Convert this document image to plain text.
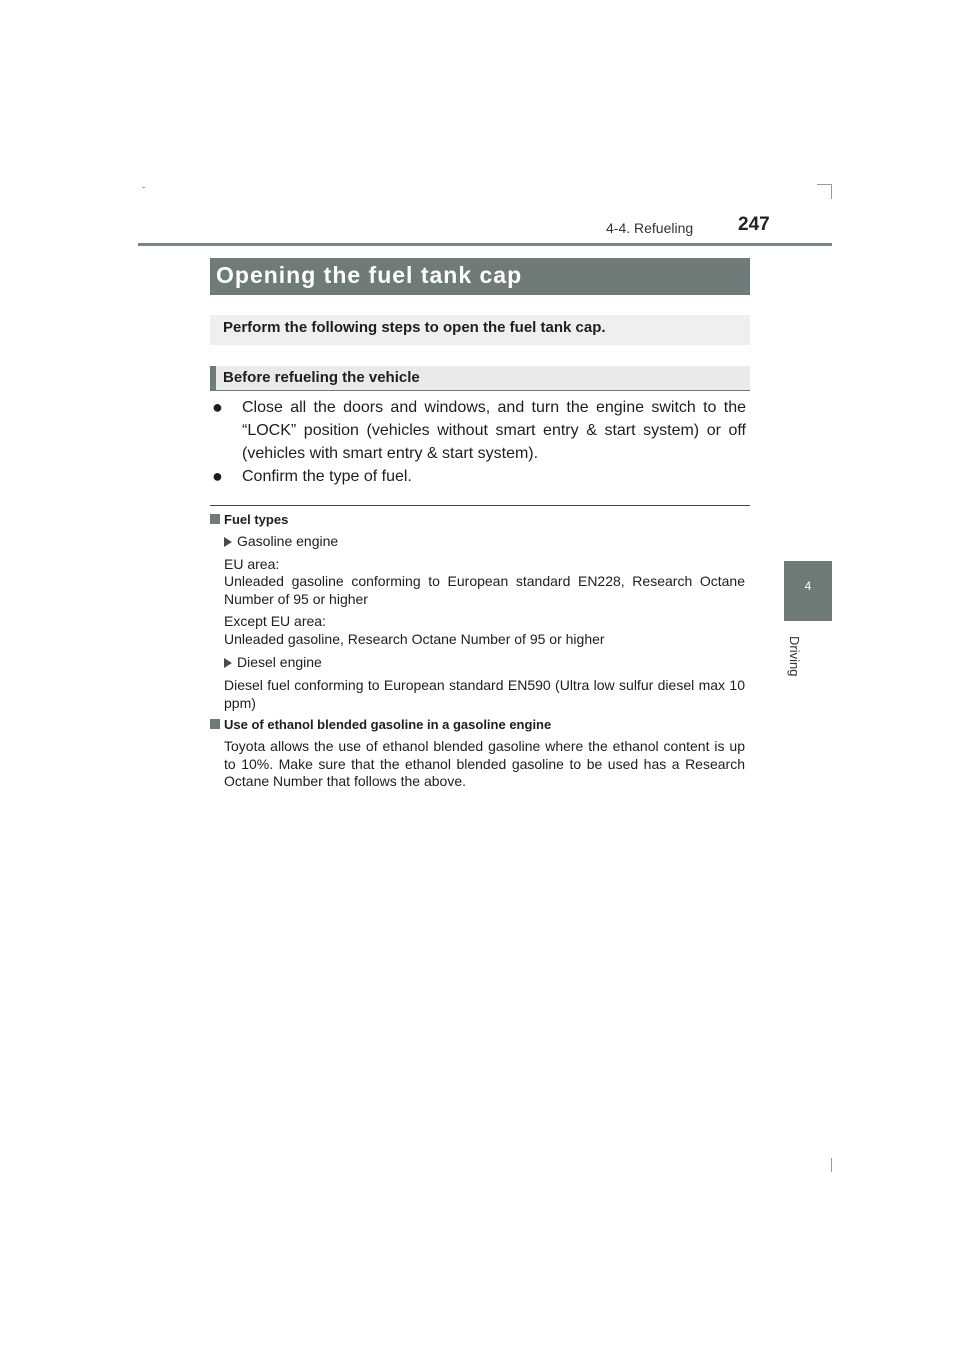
4-4. Refueling 247
4
Driving
Opening the fuel tank cap
Perform the following steps to open the fuel tank cap.
Before refueling the vehicle
● Close all the doors and windows, and turn the engine switch to the “LOCK” position (vehicles without smart entry & start system) or off (vehicles with smart entry & start system).
● Confirm the type of fuel.
Fuel types
Gasoline engine
EU area:
Unleaded gasoline conforming to European standard EN228, Research Octane Number of 95 or higher
Except EU area:
Unleaded gasoline, Research Octane Number of 95 or higher
Diesel engine
Diesel fuel conforming to European standard EN590 (Ultra low sulfur diesel max 10 ppm)
Use of ethanol blended gasoline in a gasoline engine
Toyota allows the use of ethanol blended gasoline where the ethanol content is up to 10%. Make sure that the ethanol blended gasoline to be used has a Research Octane Number that follows the above.
